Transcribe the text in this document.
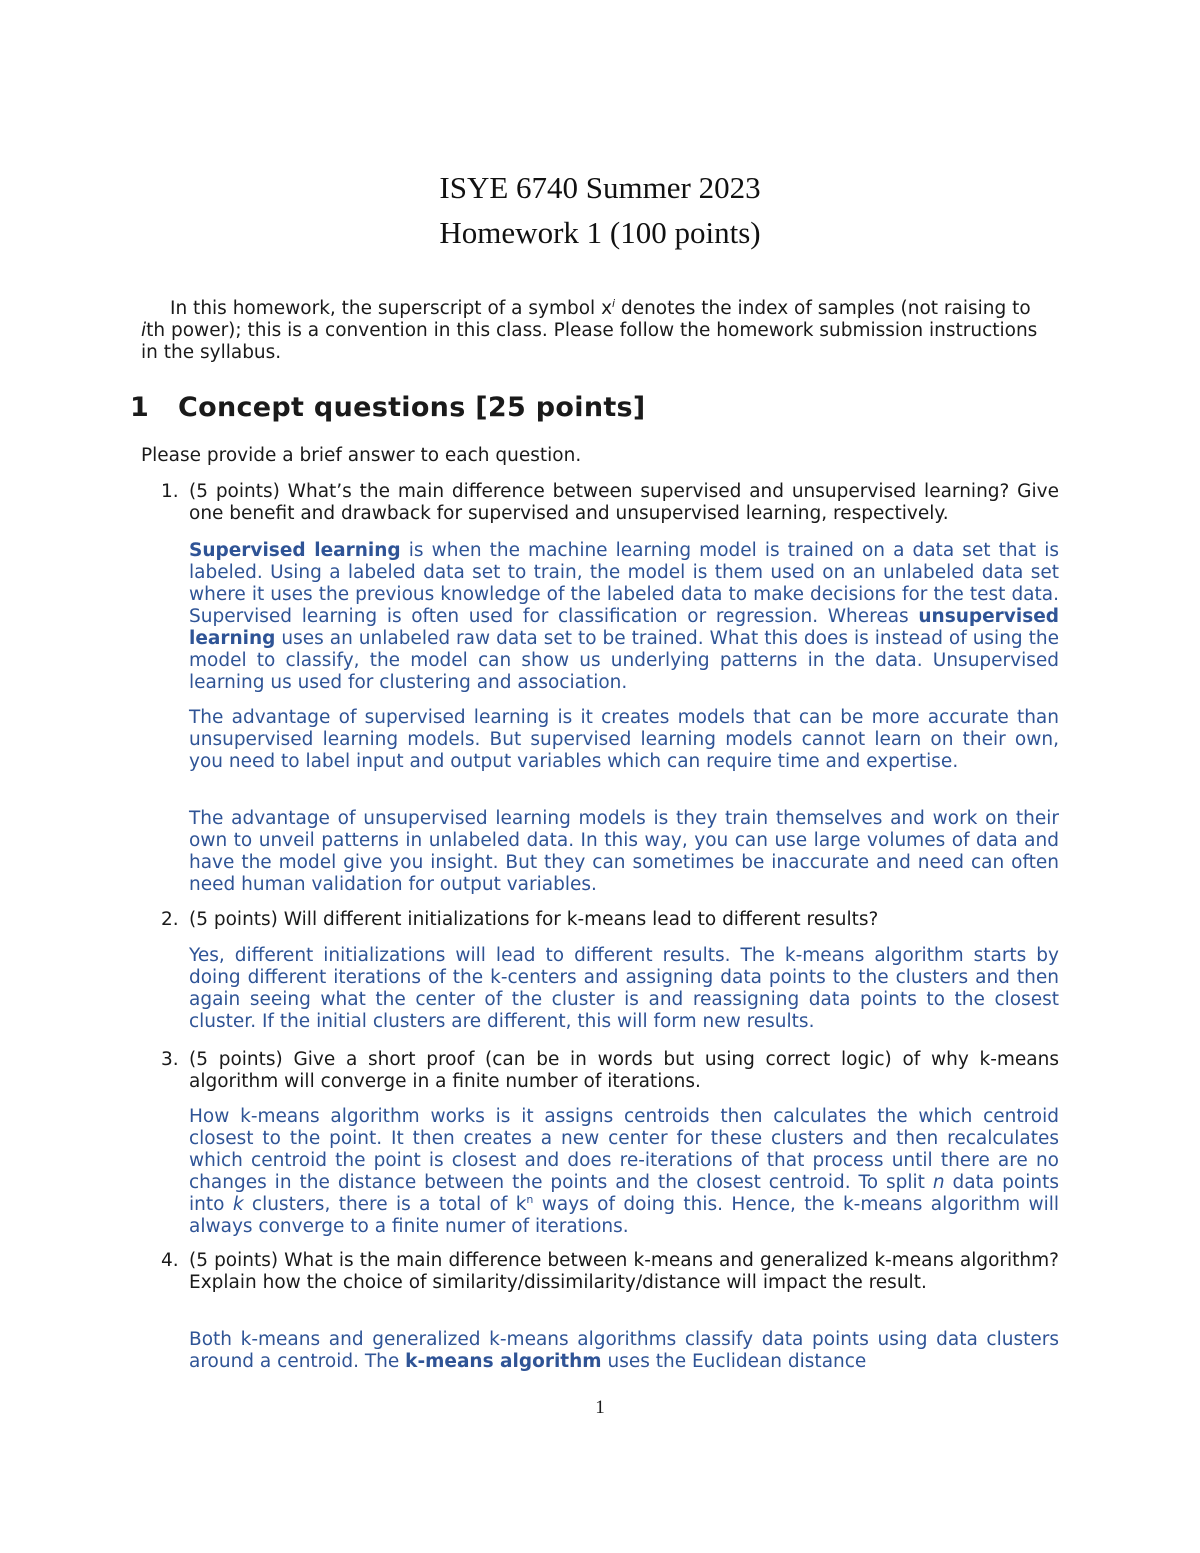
ISYE 6740 Summer 2023
Homework 1 (100 points)
In this homework, the superscript of a symbol $x^i$ denotes the index of samples (not raising to ith power); this is a convention in this class. Please follow the homework submission instructions in the syllabus.
1 Concept questions [25 points]
Please provide a brief answer to each question.
1. (5 points) What’s the main difference between supervised and unsupervised learning? Give one benefit and drawback for supervised and unsupervised learning, respectively.
Supervised learning is when the machine learning model is trained on a data set that is labeled. Using a labeled data set to train, the model is them used on an unlabeled data set where it uses the previous knowledge of the labeled data to make decisions for the test data. Supervised learning is often used for classification or regression. Whereas unsupervised learning uses an unlabeled raw data set to be trained. What this does is instead of using the model to classify, the model can show us underlying patterns in the data. Unsupervised learning us used for clustering and association.
The advantage of supervised learning is it creates models that can be more accurate than unsupervised learning models. But supervised learning models cannot learn on their own, you need to label input and output variables which can require time and expertise.
The advantage of unsupervised learning models is they train themselves and work on their own to unveil patterns in unlabeled data. In this way, you can use large volumes of data and have the model give you insight. But they can sometimes be inaccurate and need can often need human validation for output variables.
2. (5 points) Will different initializations for k-means lead to different results?
Yes, different initializations will lead to different results. The k-means algorithm starts by doing different iterations of the k-centers and assigning data points to the clusters and then again seeing what the center of the cluster is and reassigning data points to the closest cluster. If the initial clusters are different, this will form new results.
3. (5 points) Give a short proof (can be in words but using correct logic) of why k-means algorithm will converge in a finite number of iterations.
How k-means algorithm works is it assigns centroids then calculates the which centroid closest to the point. It then creates a new center for these clusters and then recalculates which centroid the point is closest and does re-iterations of that process until there are no changes in the distance between the points and the closest centroid. To split n data points into k clusters, there is a total of $k^n$ ways of doing this. Hence, the k-means algorithm will always converge to a finite numer of iterations.
4. (5 points) What is the main difference between k-means and generalized k-means algorithm? Explain how the choice of similarity/dissimilarity/distance will impact the result.
Both k-means and generalized k-means algorithms classify data points using data clusters around a centroid. The k-means algorithm uses the Euclidean distance
1
